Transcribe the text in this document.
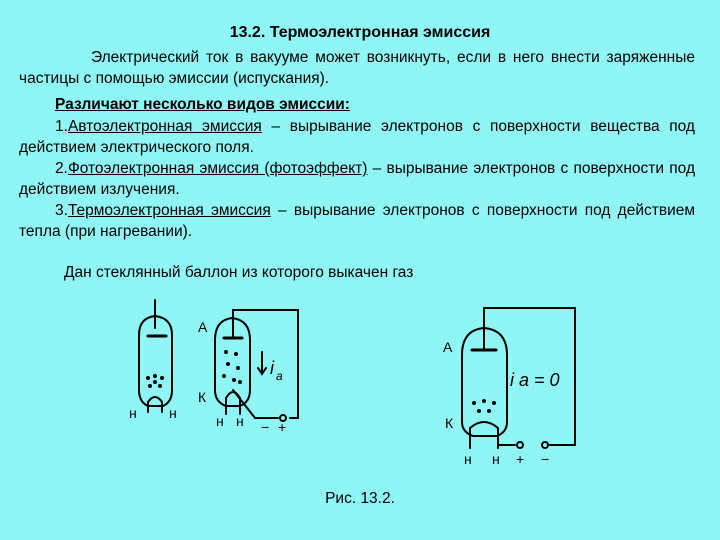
13.2. Термоэлектронная эмиссия
Электрический ток в вакууме может возникнуть, если в него внести заряженные частицы с помощью эмиссии (испускания).
Различают несколько видов эмиссии:
1.Автоэлектронная эмиссия – вырывание электронов с поверхности вещества под действием электрического поля.
2.Фотоэлектронная эмиссия (фотоэффект) – вырывание электронов с поверхности под действием излучения.
3.Термоэлектронная эмиссия – вырывание электронов с поверхности под действием тепла (при нагревании).
Дан стеклянный баллон из которого выкачен газ
А
К
н н	н н
i a
− +
А
К
i a = 0
н н + −
Рис. 13.2.
